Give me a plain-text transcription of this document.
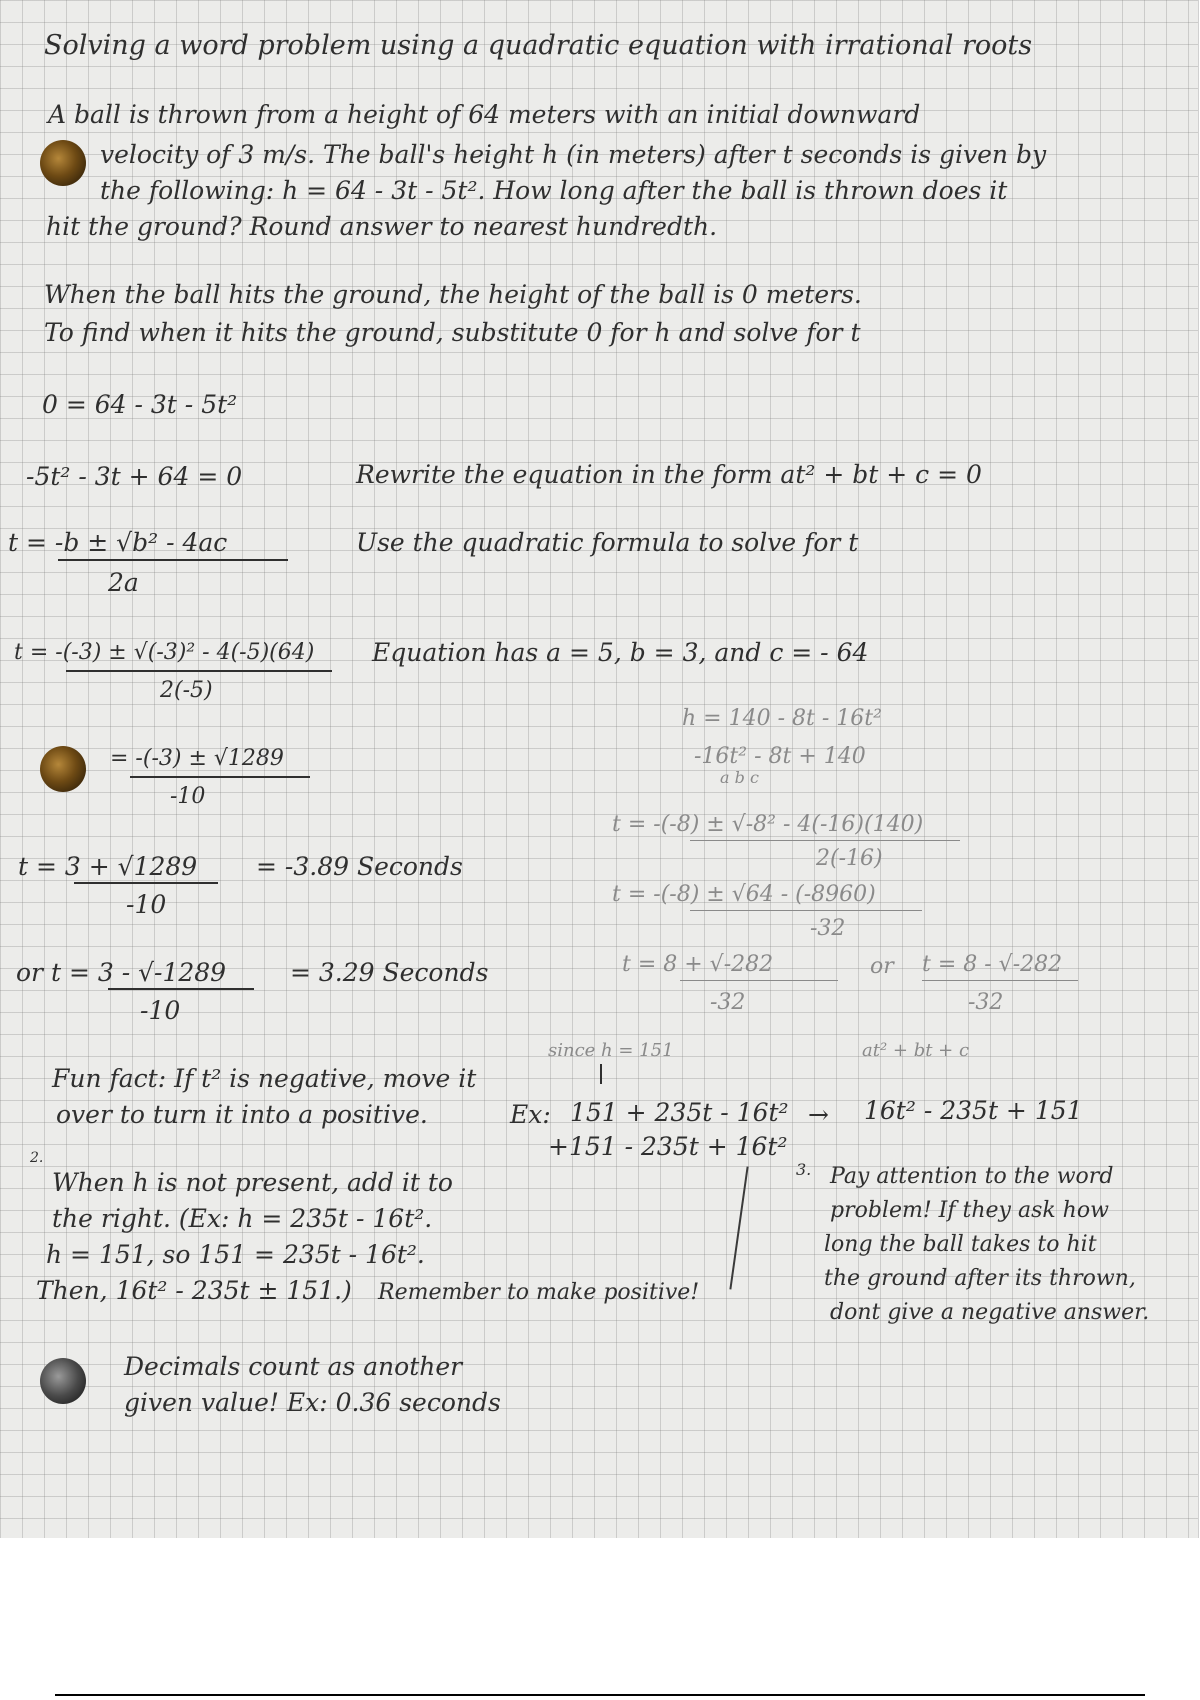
Solving a word problem using a quadratic equation with irrational roots
A ball is thrown from a height of 64 meters with an initial downward
velocity of 3 m/s. The ball's height h (in meters) after t seconds is given by
the following: h = 64 - 3t - 5t². How long after the ball is thrown does it
hit the ground? Round answer to nearest hundredth.
When the ball hits the ground, the height of the ball is 0 meters.
To find when it hits the ground, substitute 0 for h and solve for t
0 = 64 - 3t - 5t²
-5t² - 3t + 64 = 0	Rewrite the equation in the form at² + bt + c = 0
t = -b ± √b² - 4ac
2a
Use the quadratic formula to solve for t
t = -(-3) ± √(-3)² - 4(-5)(64)
2(-5)
Equation has a = 5, b = 3, and c = - 64
= -(-3) ± √1289
-10
t = 3 + √1289
-10
= -3.89 Seconds
or t = 3 - √-1289
-10
= 3.29 Seconds
h = 140 - 8t - 16t²
-16t² - 8t + 140
a b c
t = -(-8) ± √-8² - 4(-16)(140)
2(-16)
t = -(-8) ± √64 - (-8960)
-32
t = 8 + √-282
-32
or t = 8 - √-282
-32
since h = 151	at² + bt + c
Fun fact: If t² is negative, move it
over to turn it into a positive.	Ex: 151 + 235t - 16t² → 16t² - 235t + 151
+151 - 235t + 16t²
2.
When h is not present, add it to
the right. (Ex: h = 235t - 16t².
h = 151, so 151 = 235t - 16t².
Then, 16t² - 235t ± 151.) Remember to make positive!
3. Pay attention to the word
problem! If they ask how
long the ball takes to hit
the ground after its thrown,
dont give a negative answer.
Decimals count as another
given value! Ex: 0.36 seconds
